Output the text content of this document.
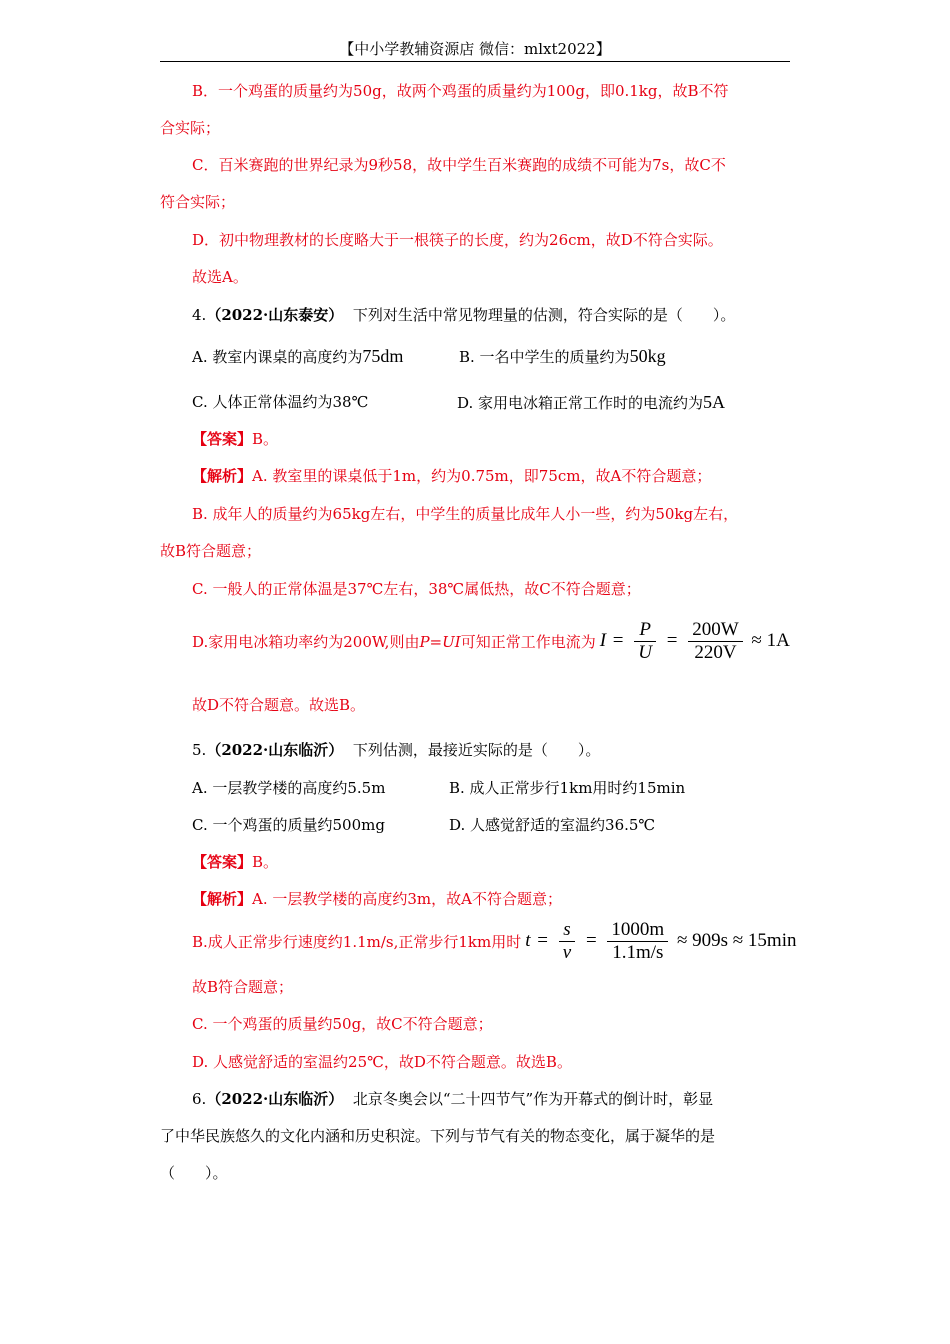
【中小学教辅资源店 微信：mlxt2022】
B．一个鸡蛋的质量约为50g，故两个鸡蛋的质量约为100g，即0.1kg，故B不符
合实际；
C．百米赛跑的世界纪录为9秒58，故中学生百米赛跑的成绩不可能为7s，故C不
符合实际；
D．初中物理教材的长度略大于一根筷子的长度，约为26cm，故D不符合实际。
故选A。
4.（2022·山东泰安） 下列对生活中常见物理量的估测，符合实际的是（　　）。
A. 教室内课桌的高度约为75dm	B. 一名中学生的质量约为50kg
C. 人体正常体温约为38℃	D. 家用电冰箱正常工作时的电流约为5A
【答案】B。
【解析】A. 教室里的课桌低于1m，约为0.75m，即75cm，故A不符合题意；
B. 成年人的质量约为65kg左右，中学生的质量比成年人小一些，约为50kg左右，
故B符合题意；
C. 一般人的正常体温是37℃左右，38℃属低热，故C不符合题意；
D.家用电冰箱功率约为200W,则由 P=UI 可知正常工作电流为 $I = \frac{P}{U} = \frac{200W}{220V} \approx 1A$
故D不符合题意。故选B。
5.（2022·山东临沂） 下列估测，最接近实际的是（　　）。
A. 一层教学楼的高度约5.5m	B. 成人正常步行1km用时约15min
C. 一个鸡蛋的质量约500mg	D. 人感觉舒适的室温约36.5℃
【答案】B。
【解析】A. 一层教学楼的高度约3m，故A不符合题意；
B.成人正常步行速度约1.1m/s,正常步行1km用时 $t = \frac{s}{v} = \frac{1000m}{1.1m/s} \approx 909s \approx 15\min$
故B符合题意；
C. 一个鸡蛋的质量约50g，故C不符合题意；
D. 人感觉舒适的室温约25℃，故D不符合题意。故选B。
6.（2022·山东临沂） 北京冬奥会以“二十四节气”作为开幕式的倒计时，彰显
了中华民族悠久的文化内涵和历史积淀。下列与节气有关的物态变化，属于凝华的是
（　　）。
